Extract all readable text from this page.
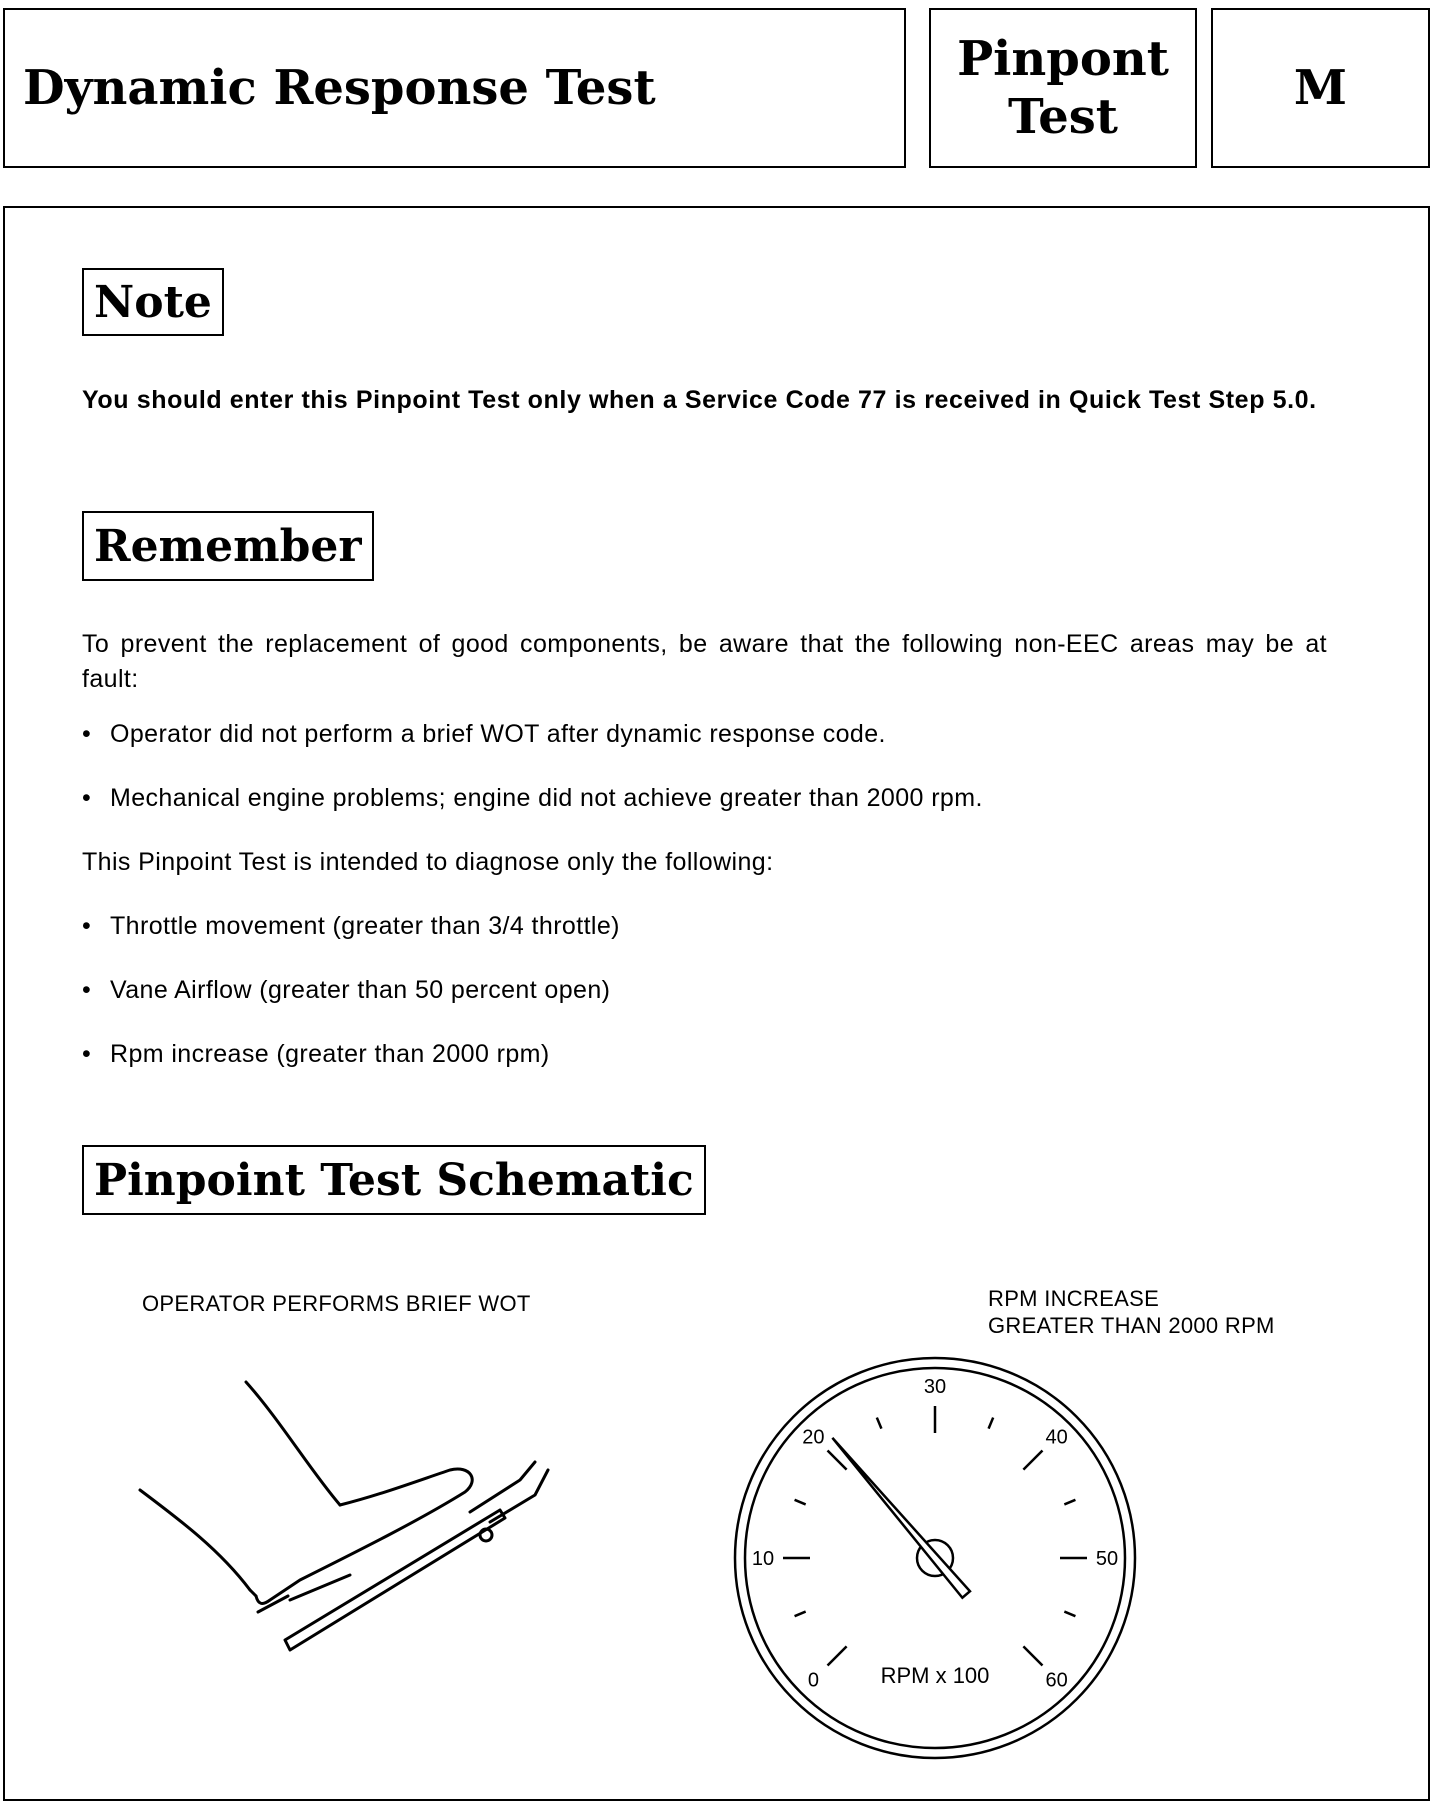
Dynamic Response Test
Pinpont
Test
M
Note
You should enter this Pinpoint Test only when a Service Code 77 is received in Quick Test Step 5.0.
Remember
To prevent the replacement of good components, be aware that the following non-EEC areas may be at fault:
• Operator did not perform a brief WOT after dynamic response code.
• Mechanical engine problems; engine did not achieve greater than 2000 rpm.
This Pinpoint Test is intended to diagnose only the following:
• Throttle movement (greater than 3/4 throttle)
• Vane Airflow (greater than 50 percent open)
• Rpm increase (greater than 2000 rpm)
Pinpoint Test Schematic
OPERATOR PERFORMS BRIEF WOT	RPM INCREASE
GREATER THAN 2000 RPM
0
10
20
30
40
50
60
RPM x 100
